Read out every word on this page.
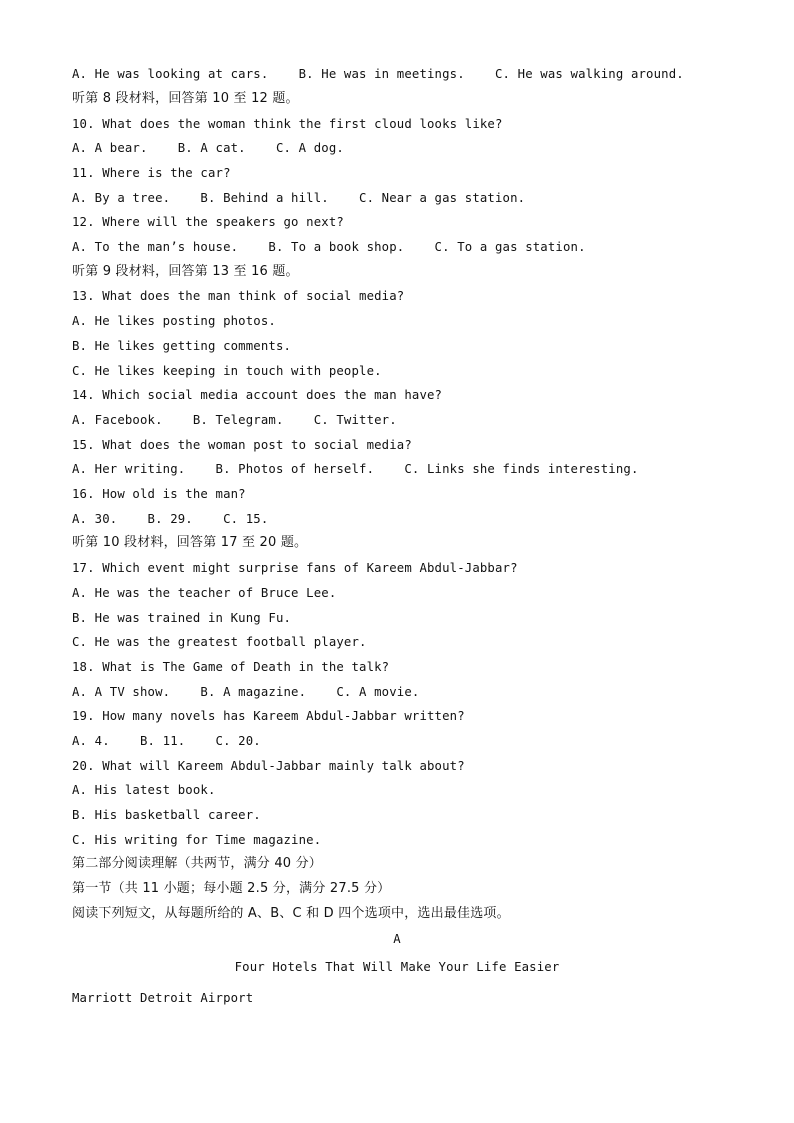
A. He was looking at cars.    B. He was in meetings.    C. He was walking around.
听第 8 段材料，回答第 10 至 12 题。
10. What does the woman think the first cloud looks like?
A. A bear.    B. A cat.    C. A dog.
11. Where is the car?
A. By a tree.    B. Behind a hill.    C. Near a gas station.
12. Where will the speakers go next?
A. To the man’s house.    B. To a book shop.    C. To a gas station.
听第 9 段材料，回答第 13 至 16 题。
13. What does the man think of social media?
A. He likes posting photos.
B. He likes getting comments.
C. He likes keeping in touch with people.
14. Which social media account does the man have?
A. Facebook.    B. Telegram.    C. Twitter.
15. What does the woman post to social media?
A. Her writing.    B. Photos of herself.    C. Links she finds interesting.
16. How old is the man?
A. 30.    B. 29.    C. 15.
听第 10 段材料，回答第 17 至 20 题。
17. Which event might surprise fans of Kareem Abdul-Jabbar?
A. He was the teacher of Bruce Lee.
B. He was trained in Kung Fu.
C. He was the greatest football player.
18. What is The Game of Death in the talk?
A. A TV show.    B. A magazine.    C. A movie.
19. How many novels has Kareem Abdul-Jabbar written?
A. 4.    B. 11.    C. 20.
20. What will Kareem Abdul-Jabbar mainly talk about?
A. His latest book.
B. His basketball career.
C. His writing for Time magazine.
第二部分阅读理解（共两节，满分 40 分）
第一节（共 11 小题；每小题 2.5 分，满分 27.5 分）
阅读下列短文，从每题所给的 A、B、C 和 D 四个选项中，选出最佳选项。
A
Four Hotels That Will Make Your Life Easier
Marriott Detroit Airport
